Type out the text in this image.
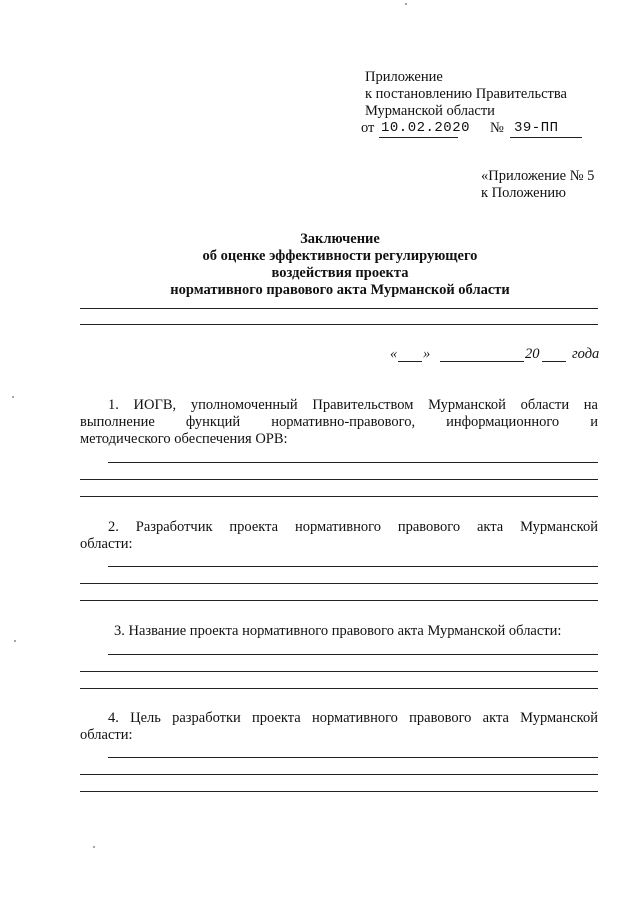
Приложение
к постановлению Правительства
Мурманской области
от 10.02.2020 № 39-ПП
«Приложение № 5
к Положению
Заключение
об оценке эффективности регулирующего
воздействия проекта
нормативного правового акта Мурманской области
« »	20 года
1. ИОГВ, уполномоченный Правительством Мурманской области на
выполнение функций нормативно-правового, информационного и
методического обеспечения ОРВ:
2. Разработчик проекта нормативного правового акта Мурманской
области:
3. Название проекта нормативного правового акта Мурманской области:
4. Цель разработки проекта нормативного правового акта Мурманской
области:
